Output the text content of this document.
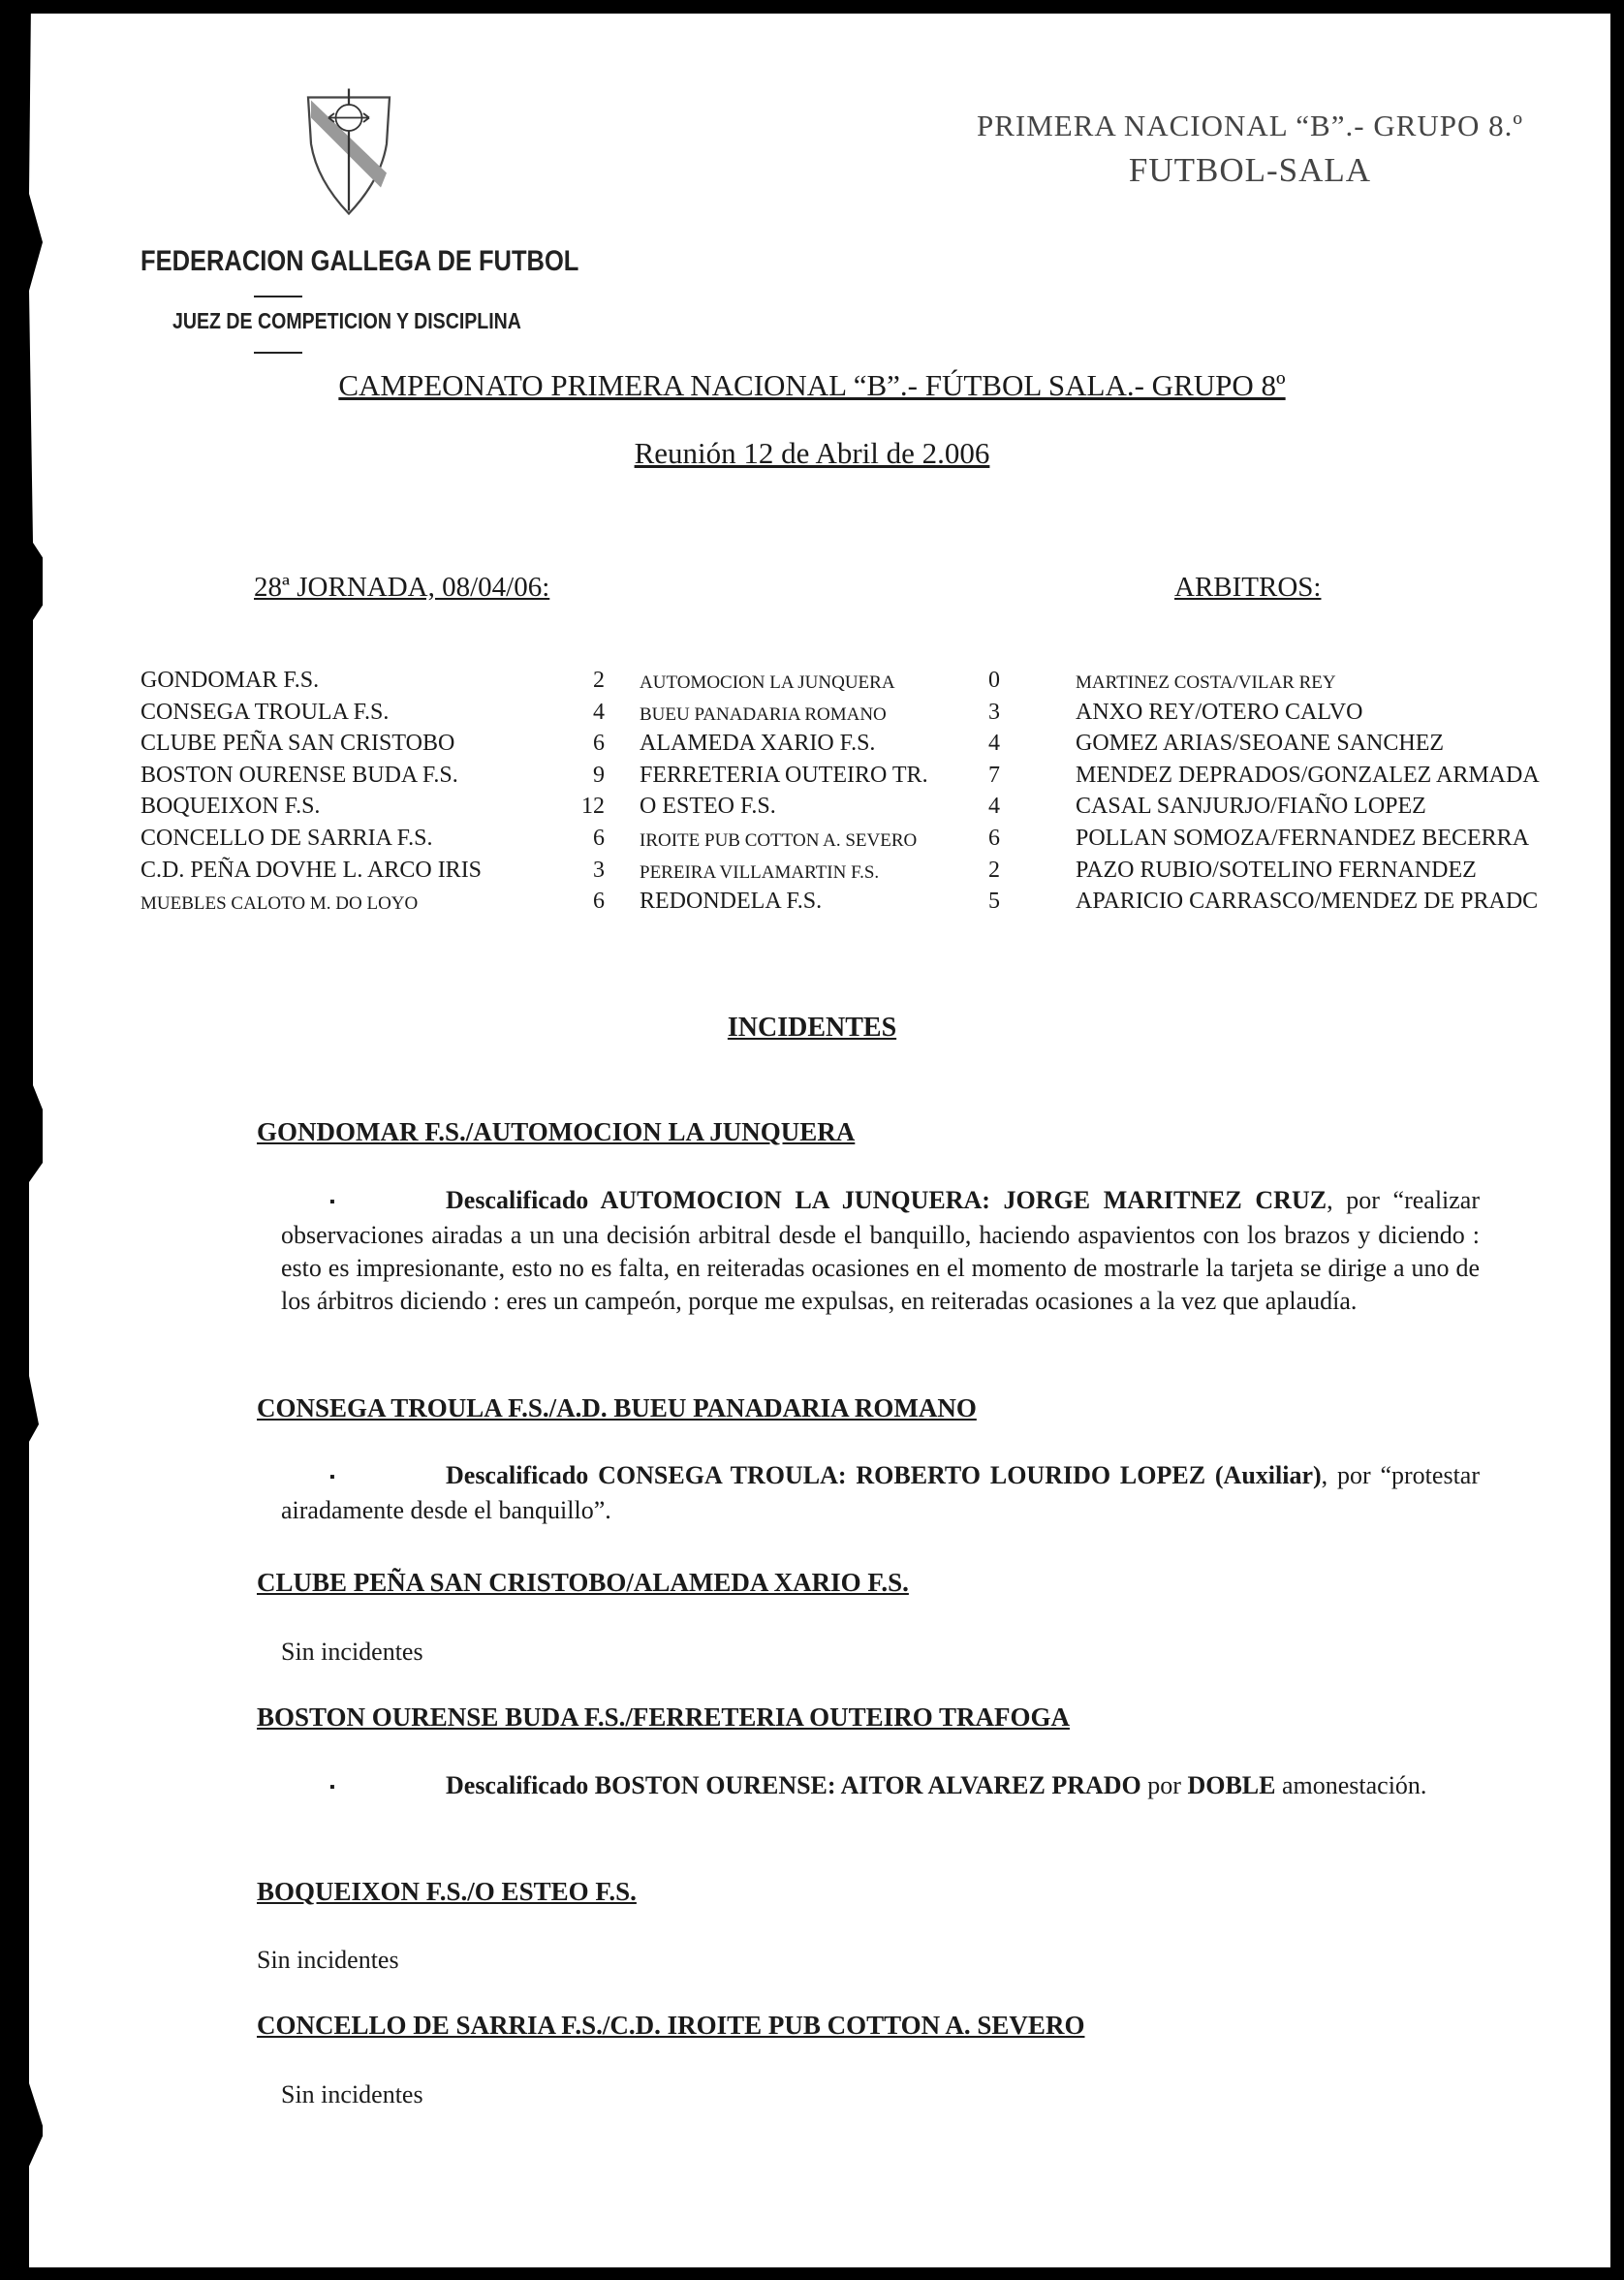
PRIMERA NACIONAL “B”.- GRUPO 8.º
FUTBOL-SALA
FEDERACION GALLEGA DE FUTBOL
JUEZ DE COMPETICION Y DISCIPLINA
CAMPEONATO PRIMERA NACIONAL “B”.- FÚTBOL SALA.- GRUPO 8º
Reunión 12 de Abril de 2.006
28ª JORNADA, 08/04/06:	ARBITROS:
GONDOMAR F.S.	2 AUTOMOCION LA JUNQUERA	0	MARTINEZ COSTA/VILAR REY
CONSEGA TROULA F.S.	4 BUEU PANADARIA ROMANO	3	ANXO REY/OTERO CALVO
CLUBE PEÑA SAN CRISTOBO	6 ALAMEDA XARIO F.S.	4	GOMEZ ARIAS/SEOANE SANCHEZ
BOSTON OURENSE BUDA F.S.	9 FERRETERIA OUTEIRO TR.	7	MENDEZ DEPRADOS/GONZALEZ ARMADA
BOQUEIXON F.S.	12 O ESTEO F.S.	4	CASAL SANJURJO/FIAÑO LOPEZ
CONCELLO DE SARRIA F.S.	6 IROITE PUB COTTON A. SEVERO	6	POLLAN SOMOZA/FERNANDEZ BECERRA
C.D. PEÑA DOVHE L. ARCO IRIS	3 PEREIRA VILLAMARTIN F.S.	2	PAZO RUBIO/SOTELINO FERNANDEZ
MUEBLES CALOTO M. DO LOYO	6 REDONDELA F.S.	5	APARICIO CARRASCO/MENDEZ DE PRADC
INCIDENTES
GONDOMAR F.S./AUTOMOCION LA JUNQUERA
▪	Descalificado AUTOMOCION LA JUNQUERA: JORGE MARITNEZ CRUZ, por “realizar observaciones airadas a un una decisión arbitral desde el banquillo, haciendo aspavientos con los brazos y diciendo : esto es impresionante, esto no es falta, en reiteradas ocasiones en el momento de mostrarle la tarjeta se dirige a uno de los árbitros diciendo : eres un campeón, porque me expulsas, en reiteradas ocasiones a la vez que aplaudía.
CONSEGA TROULA F.S./A.D. BUEU PANADARIA ROMANO
▪	Descalificado CONSEGA TROULA: ROBERTO LOURIDO LOPEZ (Auxiliar), por “protestar airadamente desde el banquillo”.
CLUBE PEÑA SAN CRISTOBO/ALAMEDA XARIO F.S.
Sin incidentes
BOSTON OURENSE BUDA F.S./FERRETERIA OUTEIRO TRAFOGA
▪	Descalificado BOSTON OURENSE: AITOR ALVAREZ PRADO por DOBLE amonestación.
BOQUEIXON F.S./O ESTEO F.S.
Sin incidentes
CONCELLO DE SARRIA F.S./C.D. IROITE PUB COTTON A. SEVERO
Sin incidentes
